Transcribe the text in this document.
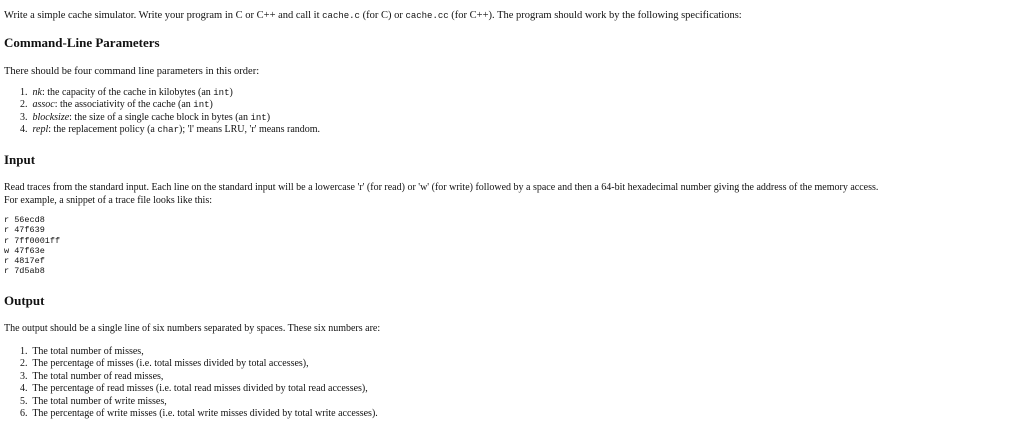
Write a simple cache simulator. Write your program in C or C++ and call it cache.c (for C) or cache.cc (for C++). The program should work by the following specifications:
Command-Line Parameters
There should be four command line parameters in this order:
1. nk: the capacity of the cache in kilobytes (an int)
2. assoc: the associativity of the cache (an int)
3. blocksize: the size of a single cache block in bytes (an int)
4. repl: the replacement policy (a char); 'l' means LRU, 'r' means random.
Input
Read traces from the standard input. Each line on the standard input will be a lowercase 'r' (for read) or 'w' (for write) followed by a space and then a 64-bit hexadecimal number giving the address of the memory access.
For example, a snippet of a trace file looks like this:
r 56ecd8
r 47f639
r 7ff0001ff
w 47f63e
r 4817ef
r 7d5ab8
Output
The output should be a single line of six numbers separated by spaces. These six numbers are:
1. The total number of misses,
2. The percentage of misses (i.e. total misses divided by total accesses),
3. The total number of read misses,
4. The percentage of read misses (i.e. total read misses divided by total read accesses),
5. The total number of write misses,
6. The percentage of write misses (i.e. total write misses divided by total write accesses).
